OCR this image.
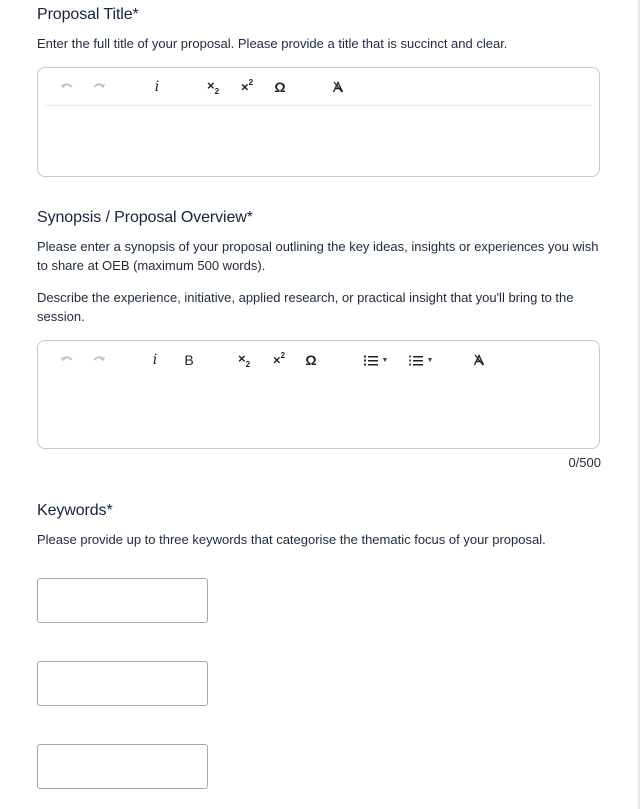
Proposal Title*
Enter the full title of your proposal. Please provide a title that is succinct and clear.
i	$\times_2 \times^2$ Ω
Synopsis / Proposal Overview*
Please enter a synopsis of your proposal outlining the key ideas, insights or experiences you wish to share at OEB (maximum 500 words).
Describe the experience, initiative, applied research, or practical insight that you'll bring to the session.
i B	$\times_2 \times^2$ Ω	▼	▼
0/500
Keywords*
Please provide up to three keywords that categorise the thematic focus of your proposal.
